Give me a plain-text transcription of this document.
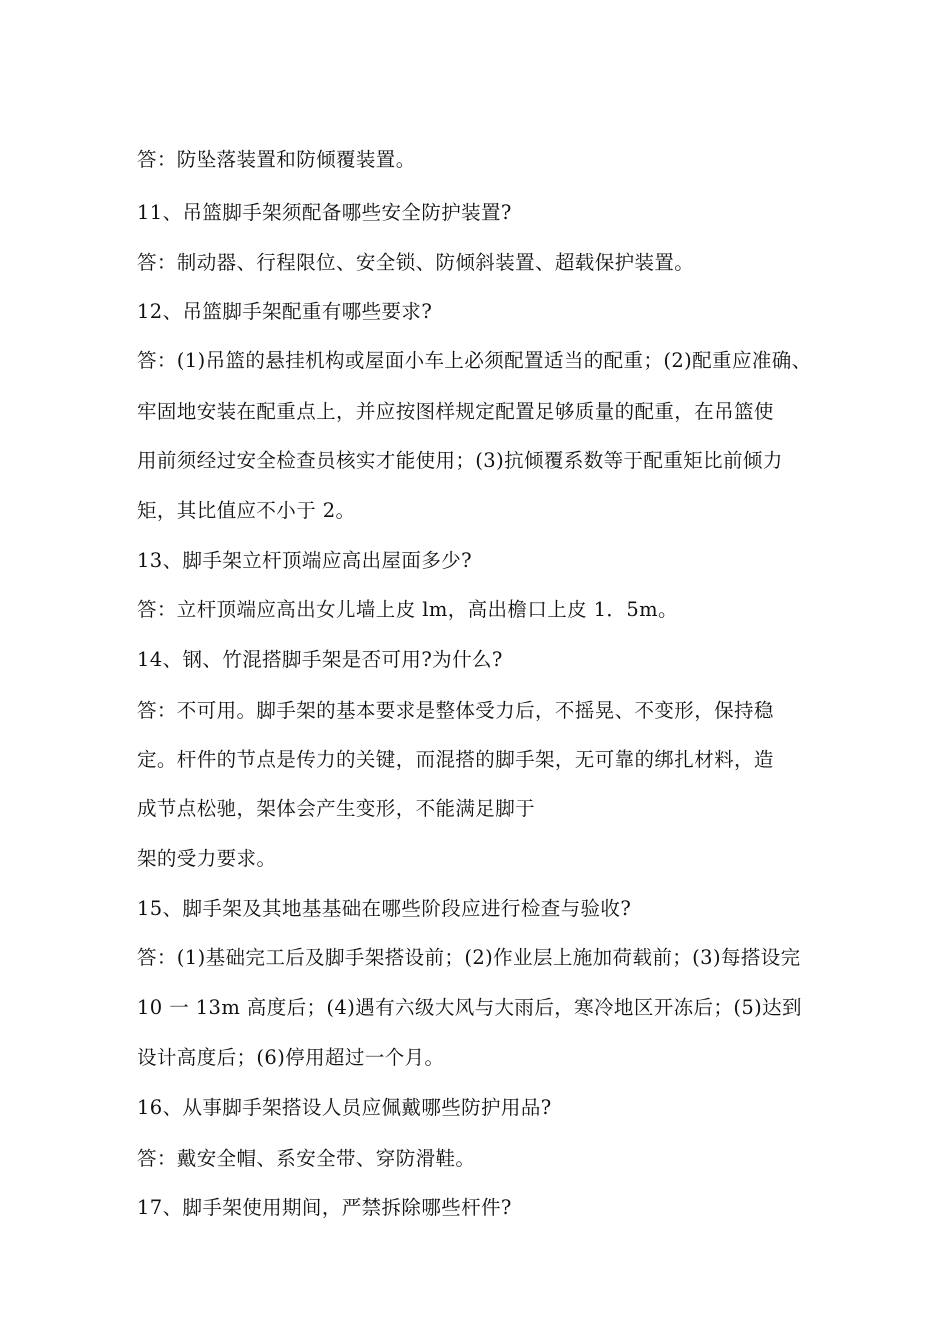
答：防坠落装置和防倾覆装置。
11、吊篮脚手架须配备哪些安全防护装置?
答：制动器、行程限位、安全锁、防倾斜装置、超载保护装置。
12、吊篮脚手架配重有哪些要求?
答：(1)吊篮的悬挂机构或屋面小车上必须配置适当的配重；(2)配重应准确、
牢固地安装在配重点上，并应按图样规定配置足够质量的配重，在吊篮使
用前须经过安全检查员核实才能使用；(3)抗倾覆系数等于配重矩比前倾力
矩，其比值应不小于 2。
13、脚手架立杆顶端应高出屋面多少?
答：立杆顶端应高出女儿墙上皮 lm，高出檐口上皮 1．5m。
14、钢、竹混搭脚手架是否可用?为什么?
答：不可用。脚手架的基本要求是整体受力后，不摇晃、不变形，保持稳
定。杆件的节点是传力的关键，而混搭的脚手架，无可靠的绑扎材料，造
成节点松驰，架体会产生变形，不能满足脚于
架的受力要求。
15、脚手架及其地基基础在哪些阶段应进行检查与验收?
答：(1)基础完工后及脚手架搭设前；(2)作业层上施加荷载前；(3)每搭设完
10 一 13m 高度后；(4)遇有六级大风与大雨后，寒冷地区开冻后；(5)达到
设计高度后；(6)停用超过一个月。
16、从事脚手架搭设人员应佩戴哪些防护用品?
答：戴安全帽、系安全带、穿防滑鞋。
17、脚手架使用期间，严禁拆除哪些杆件?
